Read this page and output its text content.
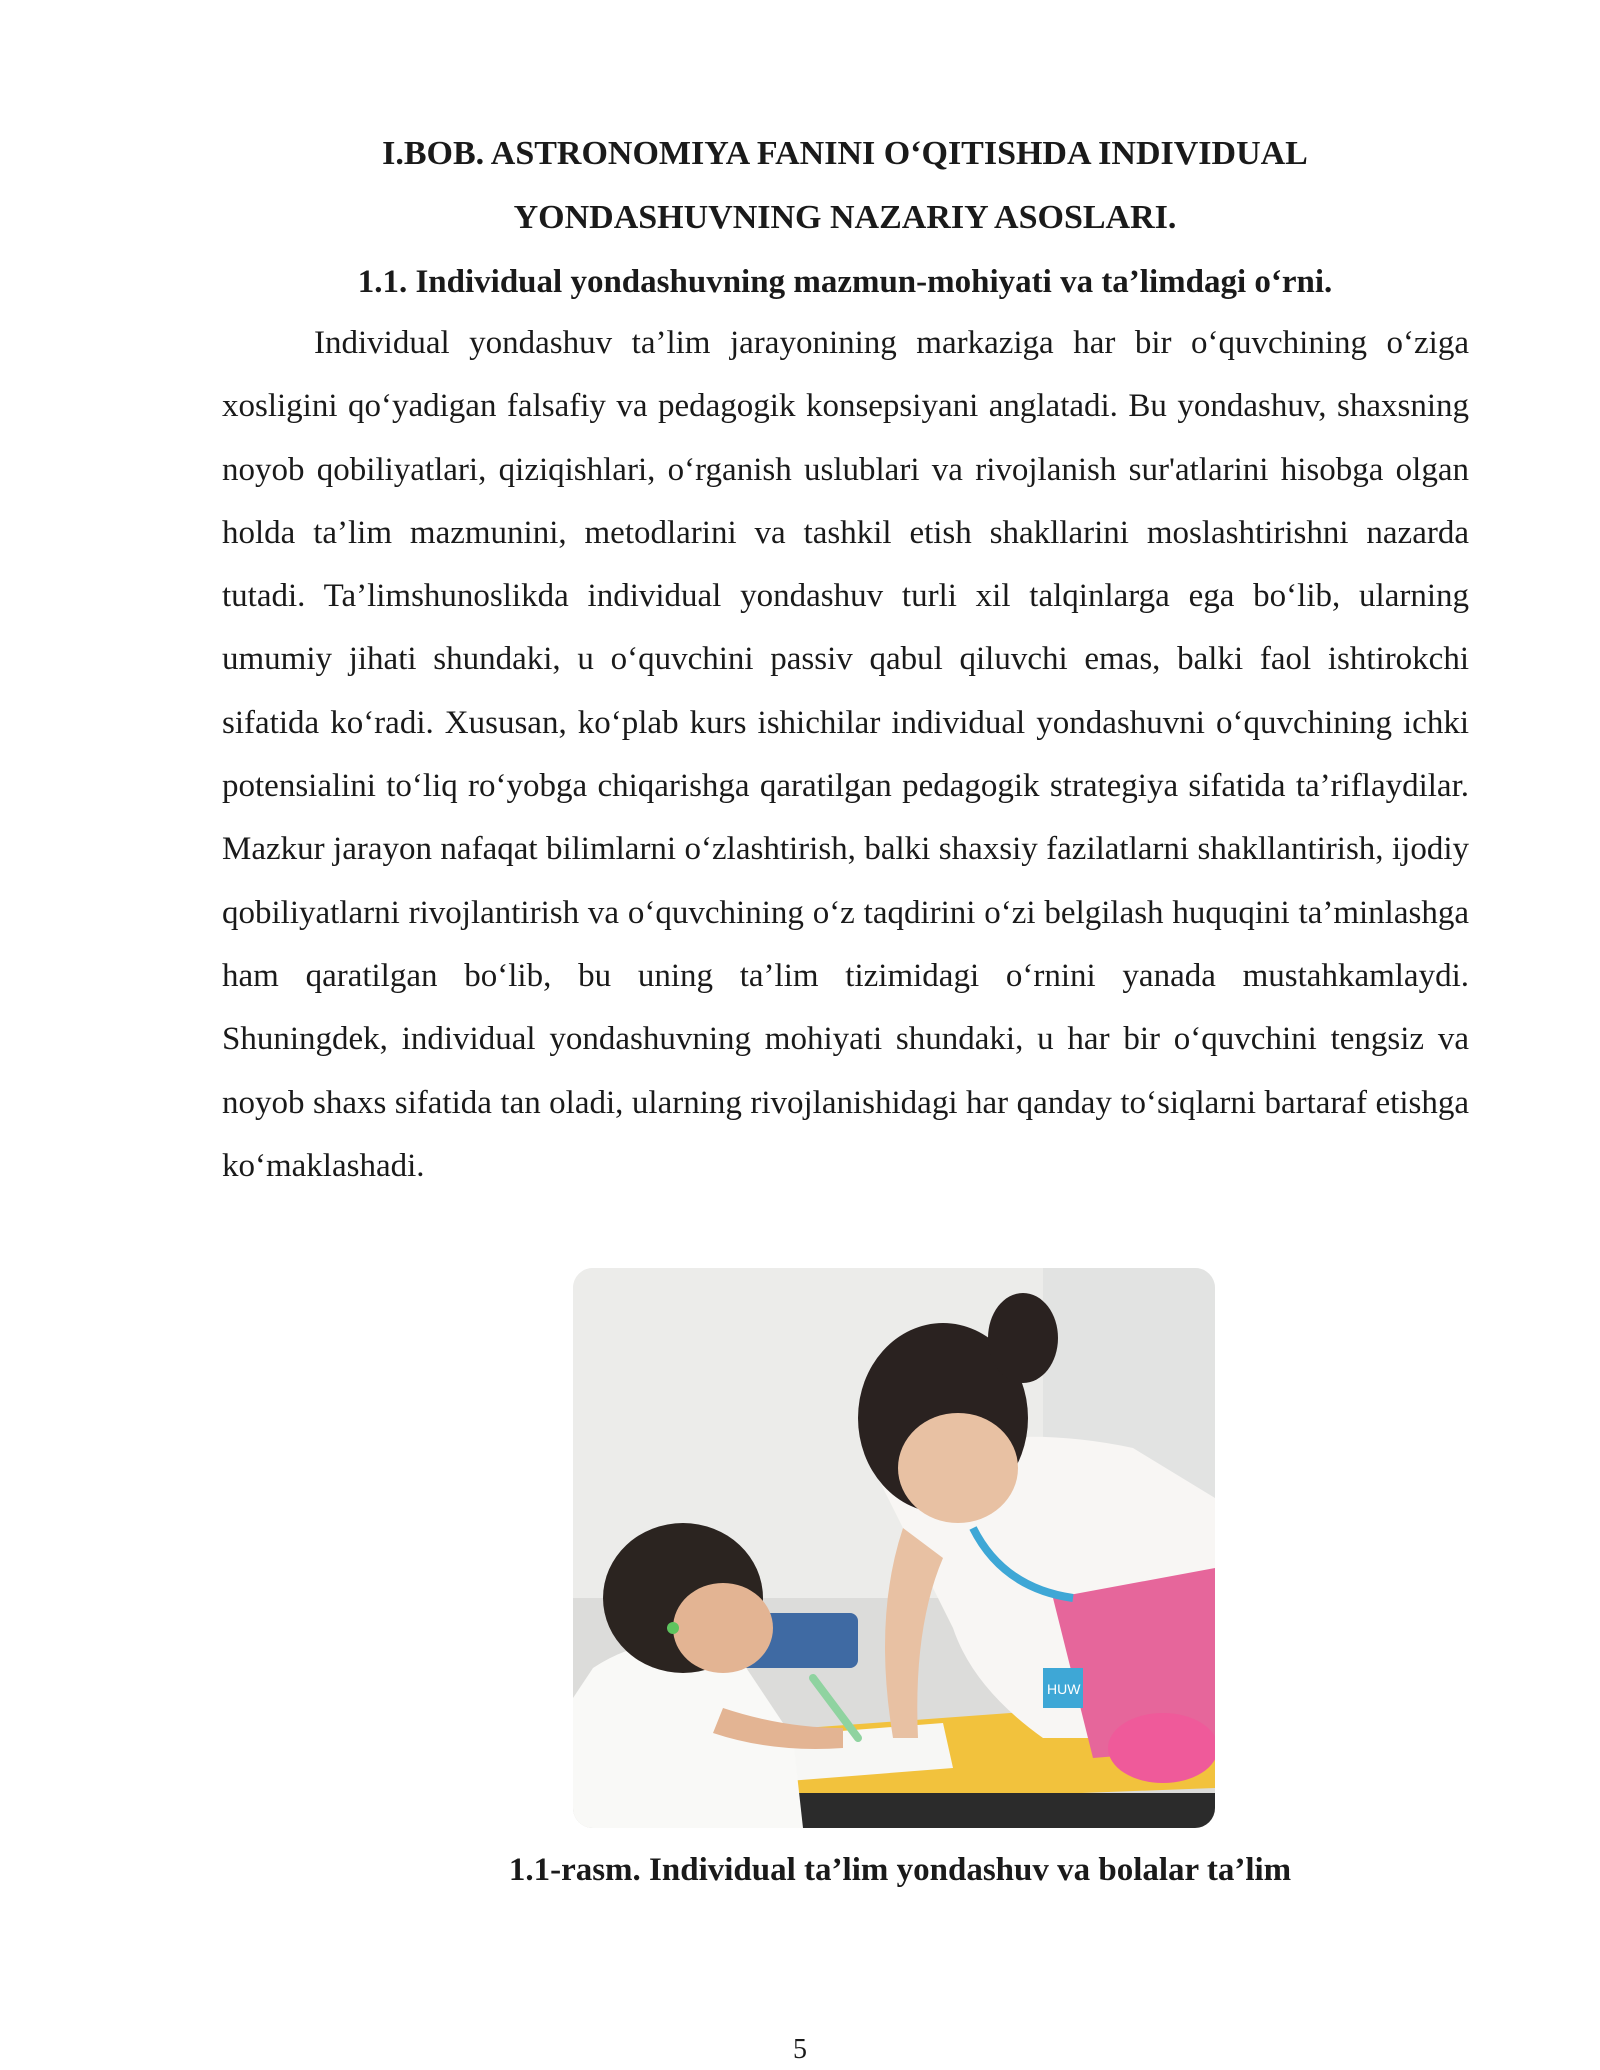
I.BOB. ASTRONOMIYA FANINI O‘QITISHDA INDIVIDUAL
YONDASHUVNING NAZARIY ASOSLARI.
1.1. Individual yondashuvning mazmun-mohiyati va ta’limdagi o‘rni.

Individual yondashuv ta’lim jarayonining markaziga har bir o‘quvchining o‘ziga xosligini qo‘yadigan falsafiy va pedagogik konsepsiyani anglatadi. Bu yondashuv, shaxsning noyob qobiliyatlari, qiziqishlari, o‘rganish uslublari va rivojlanish sur'atlarini hisobga olgan holda ta’lim mazmunini, metodlarini va tashkil etish shakllarini moslashtirishni nazarda tutadi. Ta’limshunoslikda individual yondashuv turli xil talqinlarga ega bo‘lib, ularning umumiy jihati shundaki, u o‘quvchini passiv qabul qiluvchi emas, balki faol ishtirokchi sifatida ko‘radi. Xususan, ko‘plab kurs ishichilar individual yondashuvni o‘quvchining ichki potensialini to‘liq ro‘yobga chiqarishga qaratilgan pedagogik strategiya sifatida ta’riflaydilar. Mazkur jarayon nafaqat bilimlarni o‘zlashtirish, balki shaxsiy fazilatlarni shakllantirish, ijodiy qobiliyatlarni rivojlantirish va o‘quvchining o‘z taqdirini o‘zi belgilash huquqini ta’minlashga ham qaratilgan bo‘lib, bu uning ta’lim tizimidagi o‘rnini yanada mustahkamlaydi. Shuningdek, individual yondashuvning mohiyati shundaki, u har bir o‘quvchini tengsiz va noyob shaxs sifatida tan oladi, ularning rivojlanishidagi har qanday to‘siqlarni bartaraf etishga ko‘maklashadi.

HUW

1.1-rasm. Individual ta’lim yondashuv va bolalar ta’lim

5
